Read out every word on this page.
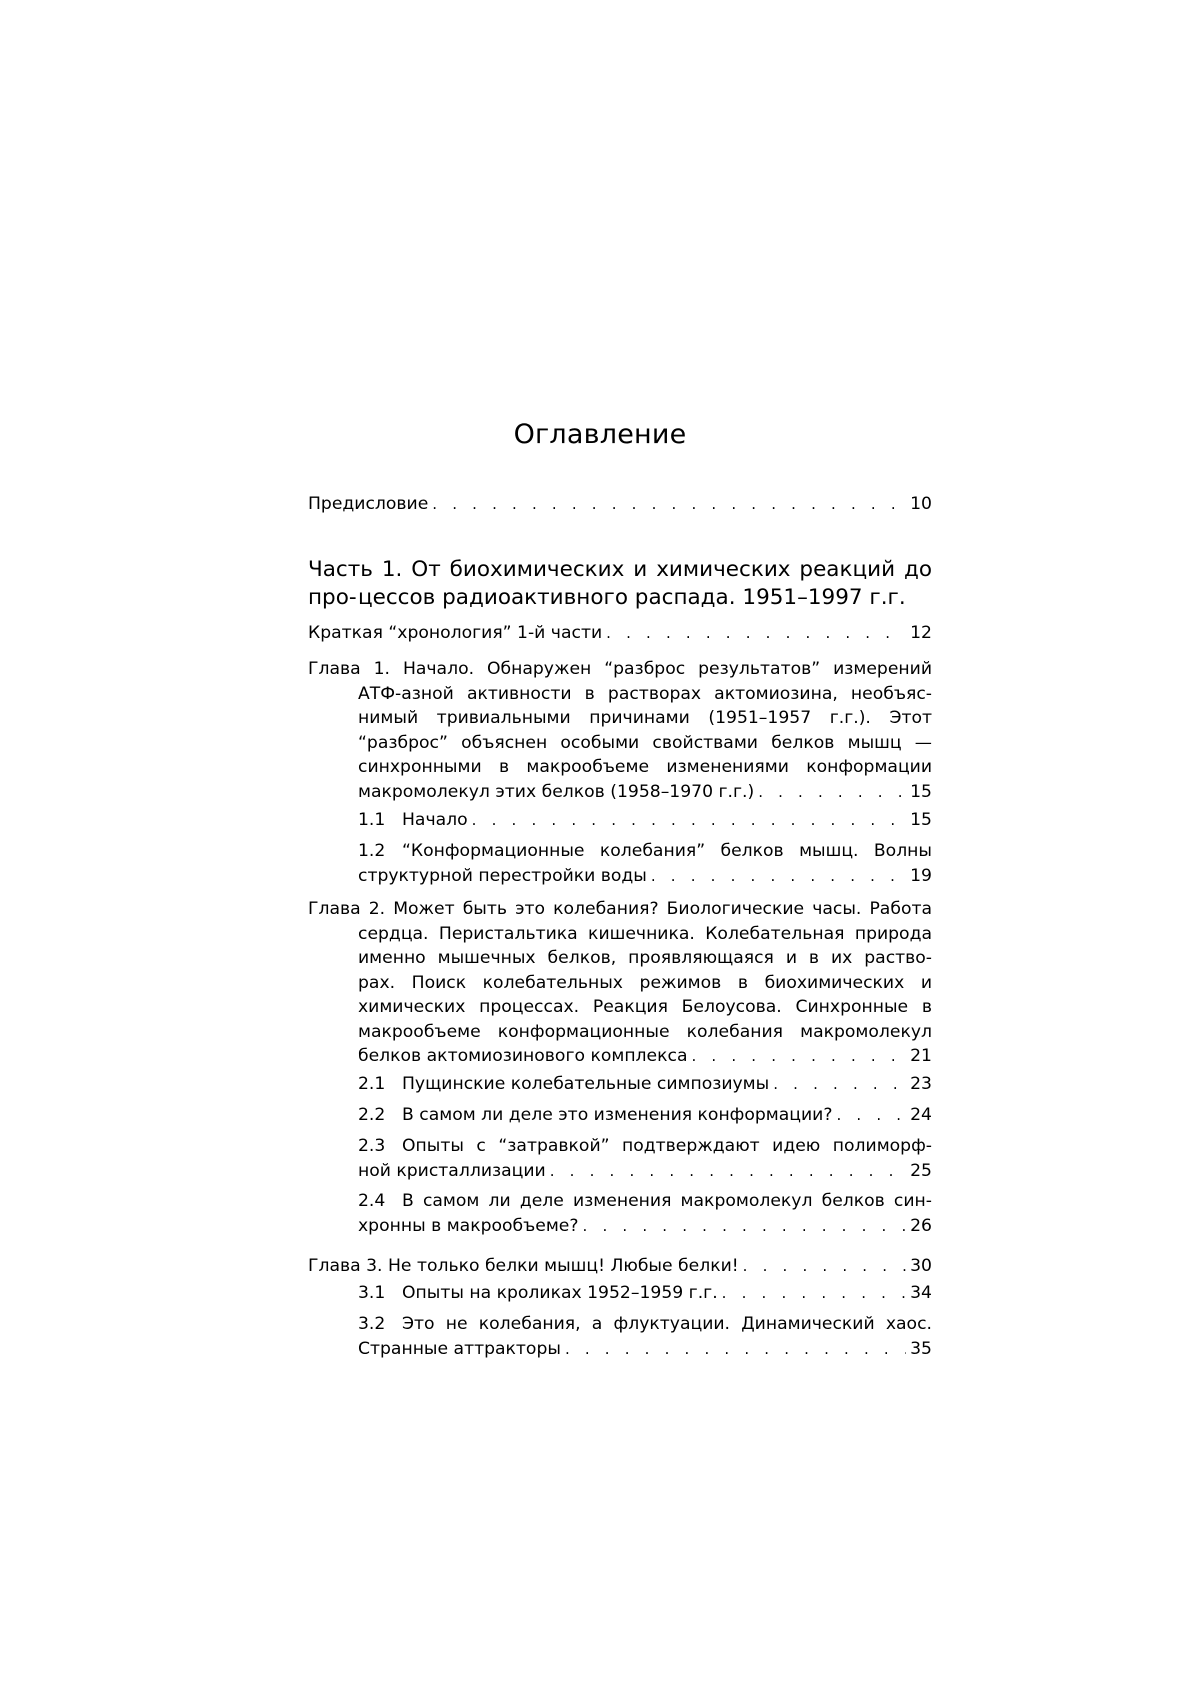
Оглавление
Предисловие . . .	10
Часть 1. От биохимических и химических реакций до про- цессов радиоактивного распада. 1951–1997 г.г.
Краткая “хронология” 1-й части . . .	12
Глава 1. Начало. Обнаружен “разброс результатов” измерений
АТФ-азной активности в растворах актомиозина, необъяс-
нимый тривиальными причинами (1951–1957 г.г.). Этот
“разброс” объяснен особыми свойствами белков мышц —
синхронными в макрообъеме изменениями конформации
макромолекул этих белков (1958–1970 г.г.) . . .	15
1.1 Начало . . .	15
1.2 “Конформационные колебания” белков мышц. Волны
структурной перестройки воды . . .	19
Глава 2. Может быть это колебания? Биологические часы. Работа
сердца. Перистальтика кишечника. Колебательная природа
именно мышечных белков, проявляющаяся и в их раство-
рах. Поиск колебательных режимов в биохимических и
химических процессах. Реакция Белоусова. Синхронные в
макрообъеме конформационные колебания макромолекул
белков актомиозинового комплекса . . .	21
2.1 Пущинские колебательные симпозиумы . . .	23
2.2 В самом ли деле это изменения конформации? . . .	24
2.3 Опыты с “затравкой” подтверждают идею полиморф-
ной кристаллизации . . .	25
2.4 В самом ли деле изменения макромолекул белков син-
хронны в макрообъеме? . . .	26
Глава 3. Не только белки мышц! Любые белки! . . .	30
3.1 Опыты на кроликах 1952–1959 г.г. . . .	34
3.2 Это не колебания, а флуктуации. Динамический хаос.
Странные аттракторы . . .	35
